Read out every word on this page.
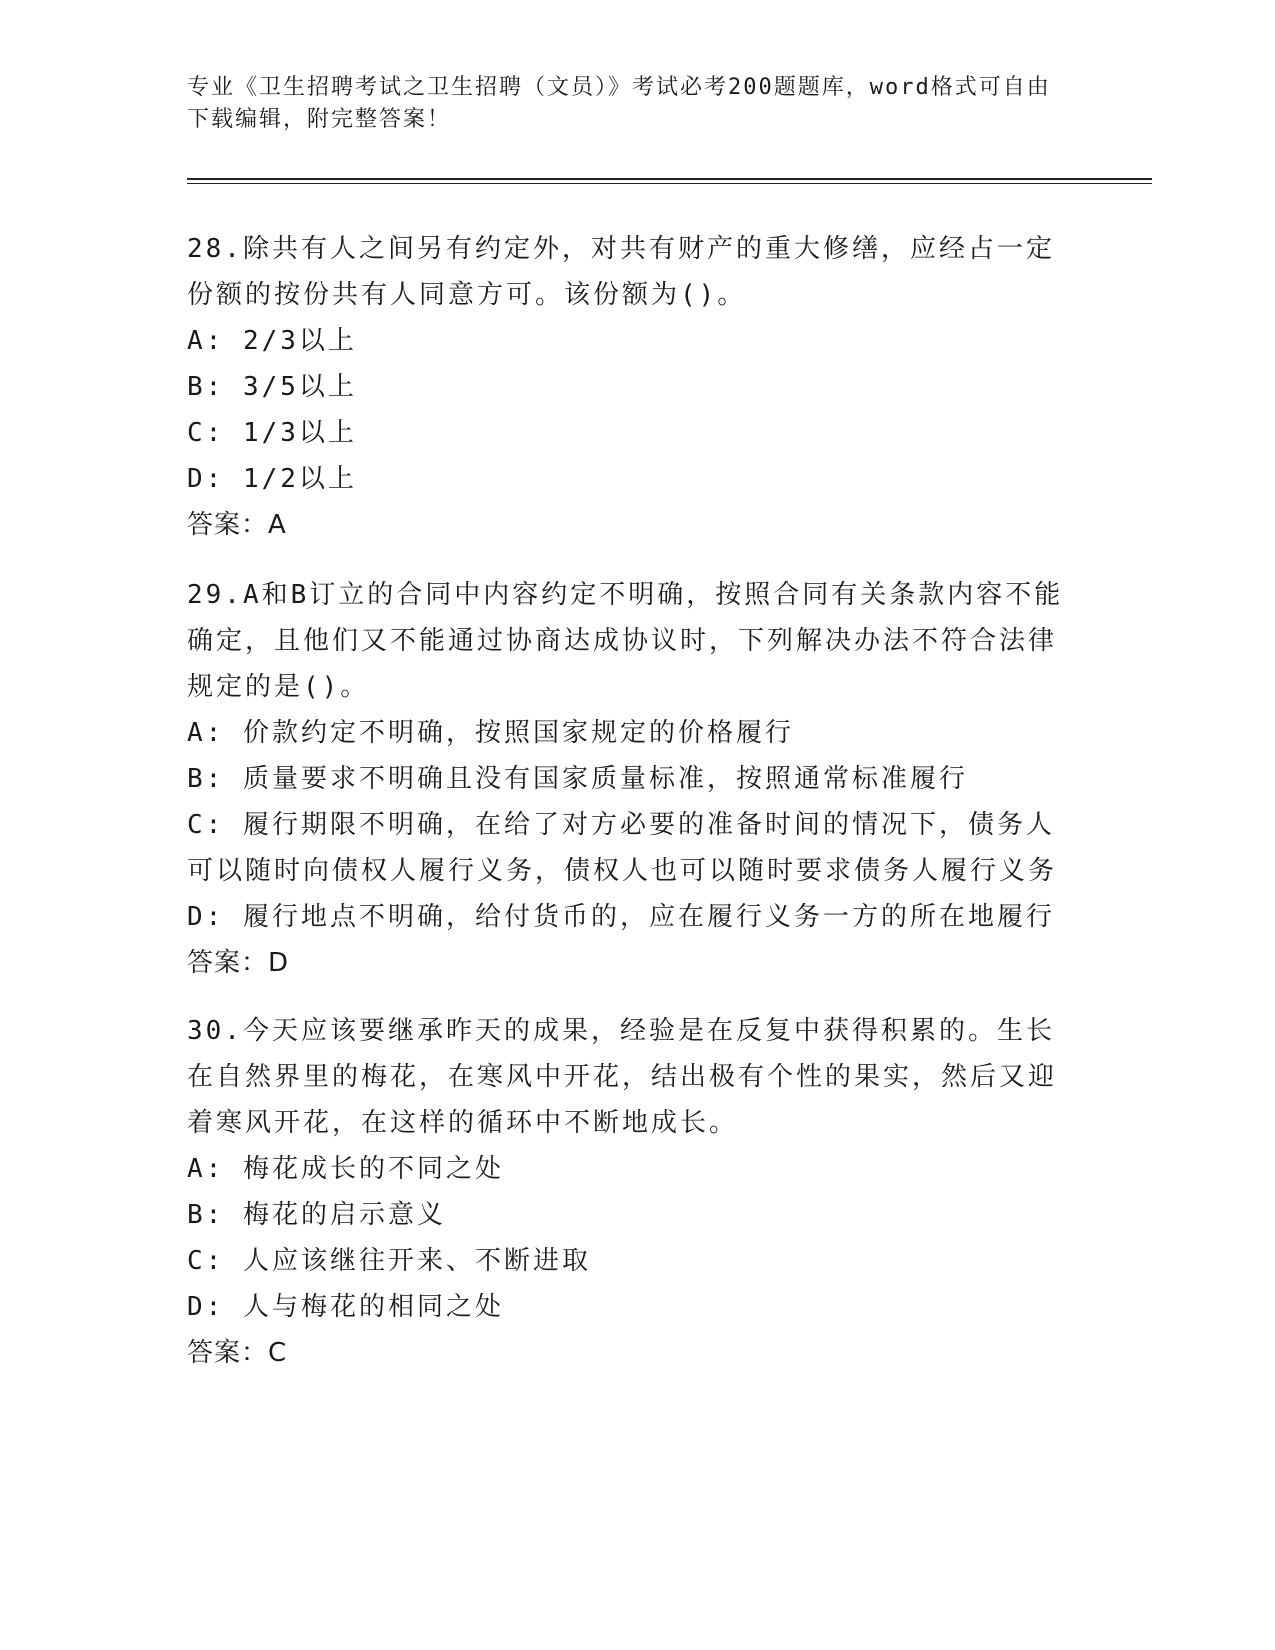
专业《卫生招聘考试之卫生招聘（文员）》考试必考200题题库，word格式可自由下载编辑，附完整答案！

28.除共有人之间另有约定外，对共有财产的重大修缮，应经占一定份额的按份共有人同意方可。该份额为()。

A: 2/3以上

B: 3/5以上

C: 1/3以上

D: 1/2以上

答案：A

29.A和B订立的合同中内容约定不明确，按照合同有关条款内容不能确定，且他们又不能通过协商达成协议时，下列解决办法不符合法律规定的是()。

A: 价款约定不明确，按照国家规定的价格履行

B: 质量要求不明确且没有国家质量标准，按照通常标准履行

C: 履行期限不明确，在给了对方必要的准备时间的情况下，债务人可以随时向债权人履行义务，债权人也可以随时要求债务人履行义务

D: 履行地点不明确，给付货币的，应在履行义务一方的所在地履行

答案：D

30.今天应该要继承昨天的成果，经验是在反复中获得积累的。生长在自然界里的梅花，在寒风中开花，结出极有个性的果实，然后又迎着寒风开花，在这样的循环中不断地成长。

A: 梅花成长的不同之处

B: 梅花的启示意义

C: 人应该继往开来、不断进取

D: 人与梅花的相同之处

答案：C
